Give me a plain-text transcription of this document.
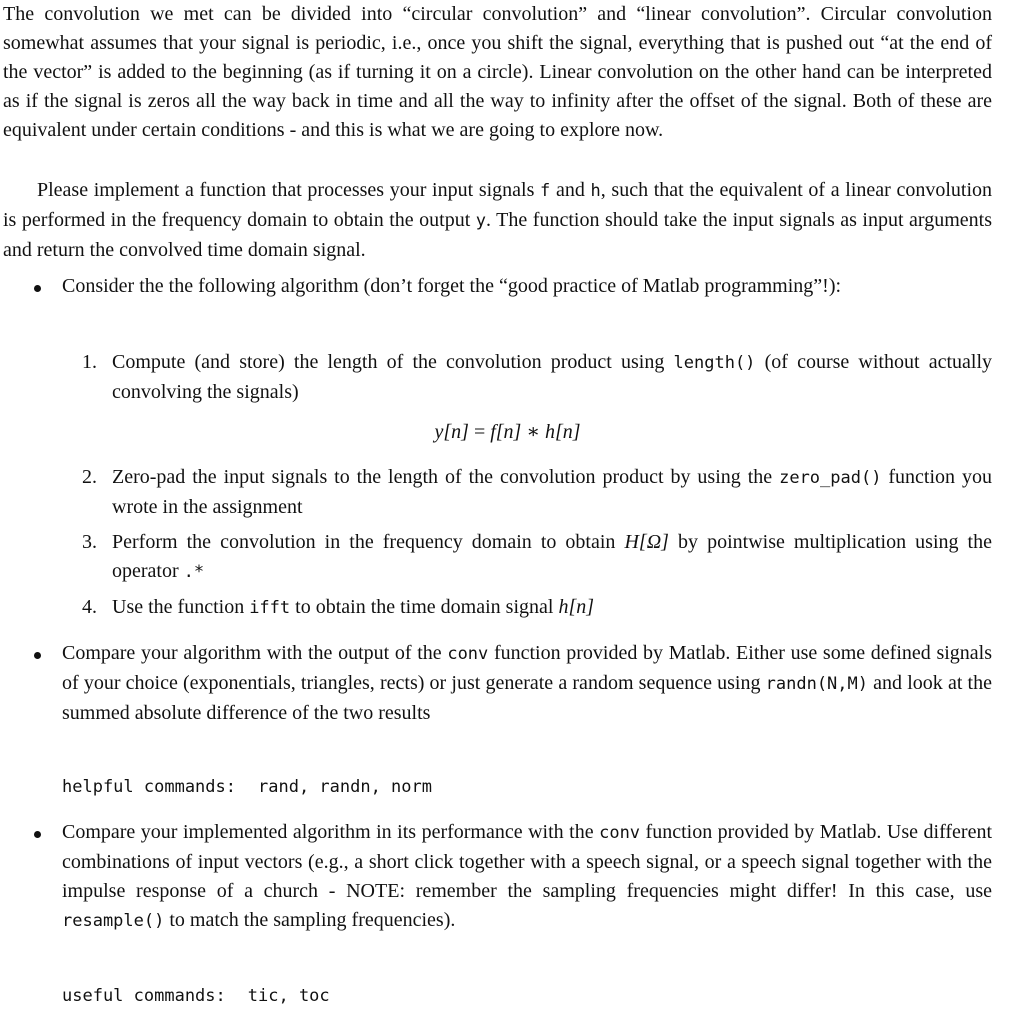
The convolution we met can be divided into “circular convolution” and “linear convolution”. Circular convolution somewhat assumes that your signal is periodic, i.e., once you shift the signal, everything that is pushed out “at the end of the vector” is added to the beginning (as if turning it on a circle). Linear convolution on the other hand can be interpreted as if the signal is zeros all the way back in time and all the way to infinity after the offset of the signal. Both of these are equivalent under certain conditions - and this is what we are going to explore now.

Please implement a function that processes your input signals f and h, such that the equivalent of a linear convolution is performed in the frequency domain to obtain the output y. The function should take the input signals as input arguments and return the convolved time domain signal.

Consider the the following algorithm (don’t forget the “good practice of Matlab programming”!):
1. Compute (and store) the length of the convolution product using length() (of course without actually convolving the signals)
y[n] = f[n] ∗ h[n]
2. Zero-pad the input signals to the length of the convolution product by using the zero_pad() function you wrote in the assignment
3. Perform the convolution in the frequency domain to obtain H[Ω] by pointwise multiplication using the operator .*
4. Use the function ifft to obtain the time domain signal h[n]
Compare your algorithm with the output of the conv function provided by Matlab. Either use some defined signals of your choice (exponentials, triangles, rects) or just generate a random sequence using randn(N,M) and look at the summed absolute difference of the two results
helpful commands: rand, randn, norm
Compare your implemented algorithm in its performance with the conv function provided by Matlab. Use different combinations of input vectors (e.g., a short click together with a speech signal, or a speech signal together with the impulse response of a church - NOTE: remember the sampling frequencies might differ! In this case, use resample() to match the sampling frequencies).
useful commands: tic, toc
